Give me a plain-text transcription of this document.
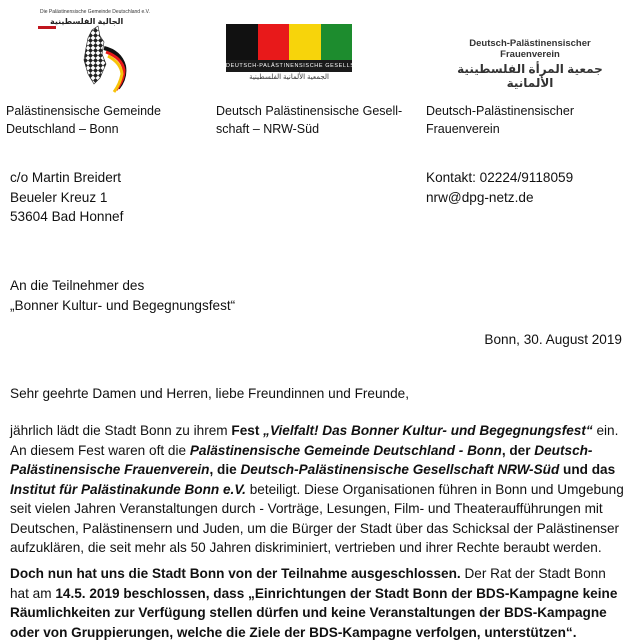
Die Palästinensische Gemeinde Deutschland e.V.
الجالية الفلسطينية
DEUTSCH-PALÄSTINENSISCHE GESELLSCHAFT
الجمعية الألمانية الفلسطينية
Deutsch-Palästinensischer Frauenverein
جمعية المرأة الفلسطينية الألمانية
Palästinensische Gemeinde
Deutschland – Bonn
Deutsch Palästinensische Gesell-
schaft – NRW-Süd
Deutsch-Palästinensischer
Frauenverein
c/o Martin Breidert
Beueler Kreuz 1
53604 Bad Honnef
Kontakt: 02224/9118059
nrw@dpg-netz.de
An die Teilnehmer des
„Bonner Kultur- und Begegnungsfest“
Bonn, 30. August 2019
Sehr geehrte Damen und Herren, liebe Freundinnen und Freunde,

jährlich lädt die Stadt Bonn zu ihrem Fest „Vielfalt! Das Bonner Kultur- und Begegnungsfest“ ein. An diesem Fest waren oft die Palästinensische Gemeinde Deutschland - Bonn, der Deutsch-Palästinensische Frauenverein, die Deutsch-Palästinensische Gesellschaft NRW-Süd und das Institut für Palästinakunde Bonn e.V. beteiligt. Diese Organisationen führen in Bonn und Umgebung seit vielen Jahren Veranstaltungen durch - Vorträge, Lesungen, Film- und Theateraufführungen mit Deutschen, Palästinensern und Juden, um die Bürger der Stadt über das Schicksal der Palästinenser aufzuklären, die seit mehr als 50 Jahren diskriminiert, vertrieben und ihrer Rechte beraubt werden.

Doch nun hat uns die Stadt Bonn von der Teilnahme ausgeschlossen. Der Rat der Stadt Bonn hat am 14.5. 2019 beschlossen, dass „Einrichtungen der Stadt Bonn der BDS-Kampagne keine Räumlichkeiten zur Verfügung stellen dürfen und keine Veranstaltungen der BDS-Kampagne oder von Gruppierungen, welche die Ziele der BDS-Kampagne verfolgen, unterstützen“.
